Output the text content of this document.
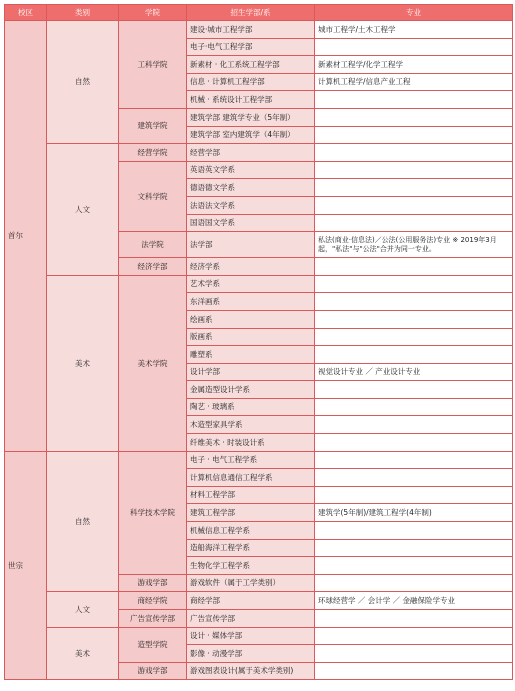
校区	类别	学院	招生学部/系	专业
首尔	自然	工科学院	建设·城市工程学部	城市工程学/土木工程学
			电子·电气工程学部	
			新素材 · 化工系统工程学部	新素材工程学/化学工程学
			信息 · 计算机工程学部	计算机工程学/信息产业工程
			机械 · 系统设计工程学部	
		建筑学院	建筑学部 建筑学专业（5年制）	
			建筑学部 室内建筑学（4年制）	
	人文	经营学院	经营学部	
		文科学院	英语英文学系	
			德语德文学系	
			法语法文学系	
			国语国文学系	
		法学院	法学部	私法(商业·信息法)／公法(公用服务法)专业 ※ 2019年3月起，"私法"与"公法"合并为同一专业。
		经济学部	经济学系	
	美术	美术学院	艺术学系	
			东洋画系	
			绘画系	
			版画系	
			雕塑系	
			设计学部	视觉设计专业 ／ 产业设计专业
			金属造型设计学系	
			陶艺 · 玻璃系	
			木造型家具学系	
			纤维美术 · 时装设计系	
世宗	自然	科学技术学院	电子 · 电气工程学系	
			计算机信息通信工程学系	
			材料工程学部	
			建筑工程学部	建筑学(5年制)/建筑工程学(4年制)
			机械信息工程学系	
			造船海洋工程学系	
			生物化学工程学系	
		游戏学部	游戏软件（属于工学类别）	
	人文	商经学院	商经学部	环球经营学 ／ 会计学 ／ 金融保险学专业
		广告宣传学部	广告宣传学部	
	美术	造型学院	设计 · 媒体学部	
			影像 · 动漫学部	
		游戏学部	游戏图表设计(属于美术学类别)	
